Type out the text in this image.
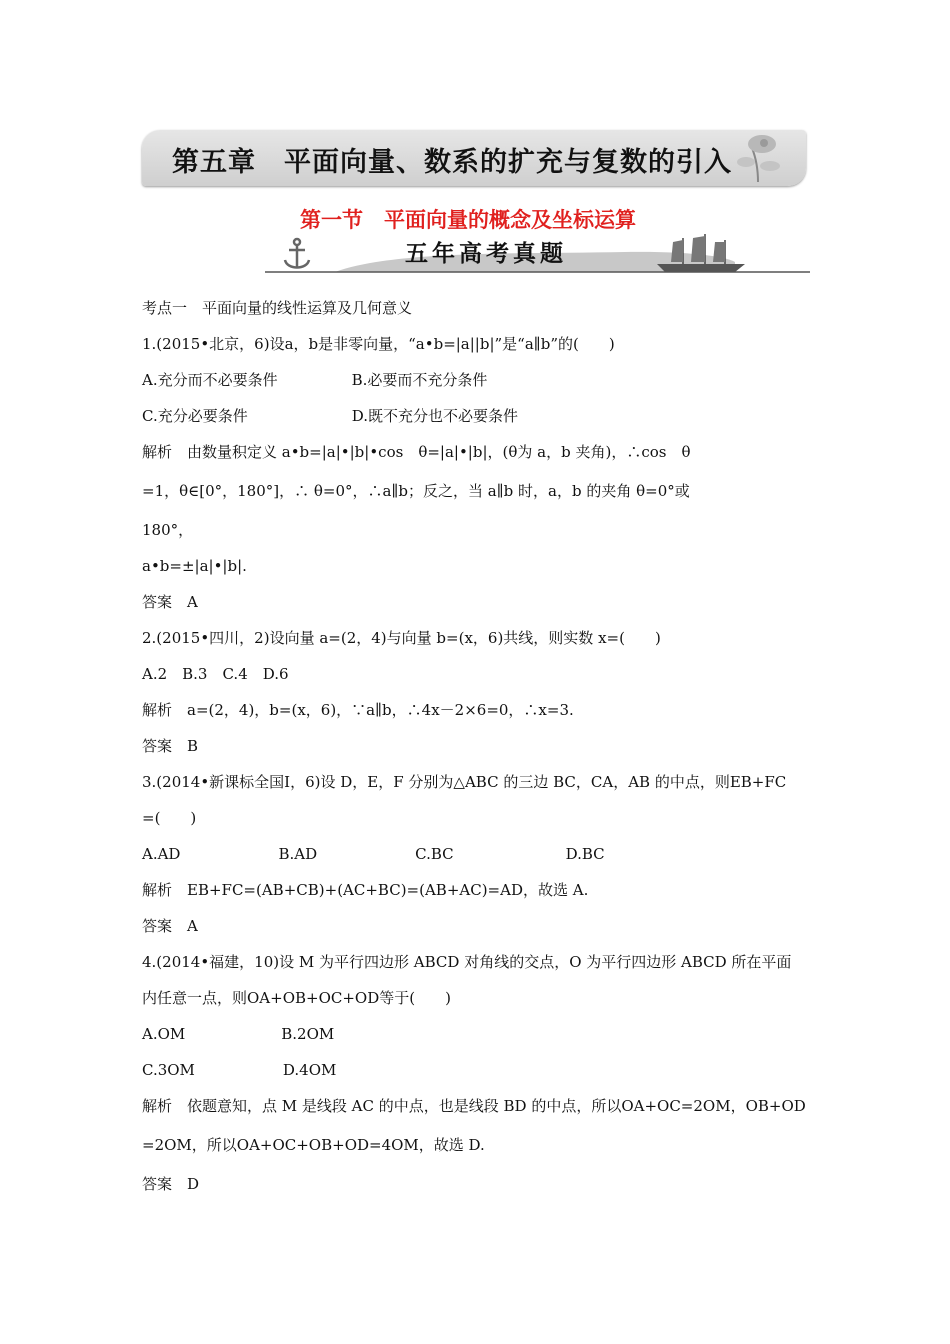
第五章　平面向量、数系的扩充与复数的引入
第一节　平面向量的概念及坐标运算
五年高考真题
考点一　平面向量的线性运算及几何意义
1.(2015•北京，6)设a，b是非零向量，“a•b=|a||b|”是“a∥b”的(　　)
A.充分而不必要条件	B.必要而不充分条件
C.充分必要条件	D.既不充分也不必要条件
解析　由数量积定义 a•b=|a|•|b|•cos　θ=|a|•|b|，(θ为 a，b 夹角)，∴cos　θ
=1，θ∈[0°，180°]，∴ θ=0°，∴a∥b；反之，当 a∥b 时，a，b 的夹角 θ=0°或
180°，
a•b=±|a|•|b|.
答案　A
2.(2015•四川，2)设向量 a=(2，4)与向量 b=(x，6)共线，则实数 x=(　　)
A.2　B.3　C.4　D.6
解析　a=(2，4)，b=(x，6)，∵a∥b，∴4x－2×6=0，∴x=3.
答案　B
3.(2014•新课标全国Ⅰ，6)设 D，E，F 分别为△ABC 的三边 BC，CA，AB 的中点，则EB+FC
=(　　)
A.AD	B.AD	C.BC	D.BC
解析　EB+FC=(AB+CB)+(AC+BC)=(AB+AC)=AD，故选 A.
答案　A
4.(2014•福建，10)设 M 为平行四边形 ABCD 对角线的交点，O 为平行四边形 ABCD 所在平面
内任意一点，则OA+OB+OC+OD等于(　　)
A.OM	B.2OM
C.3OM	D.4OM
解析　依题意知，点 M 是线段 AC 的中点，也是线段 BD 的中点，所以OA+OC=2OM，OB+OD
=2OM，所以OA+OC+OB+OD=4OM，故选 D.
答案　D
